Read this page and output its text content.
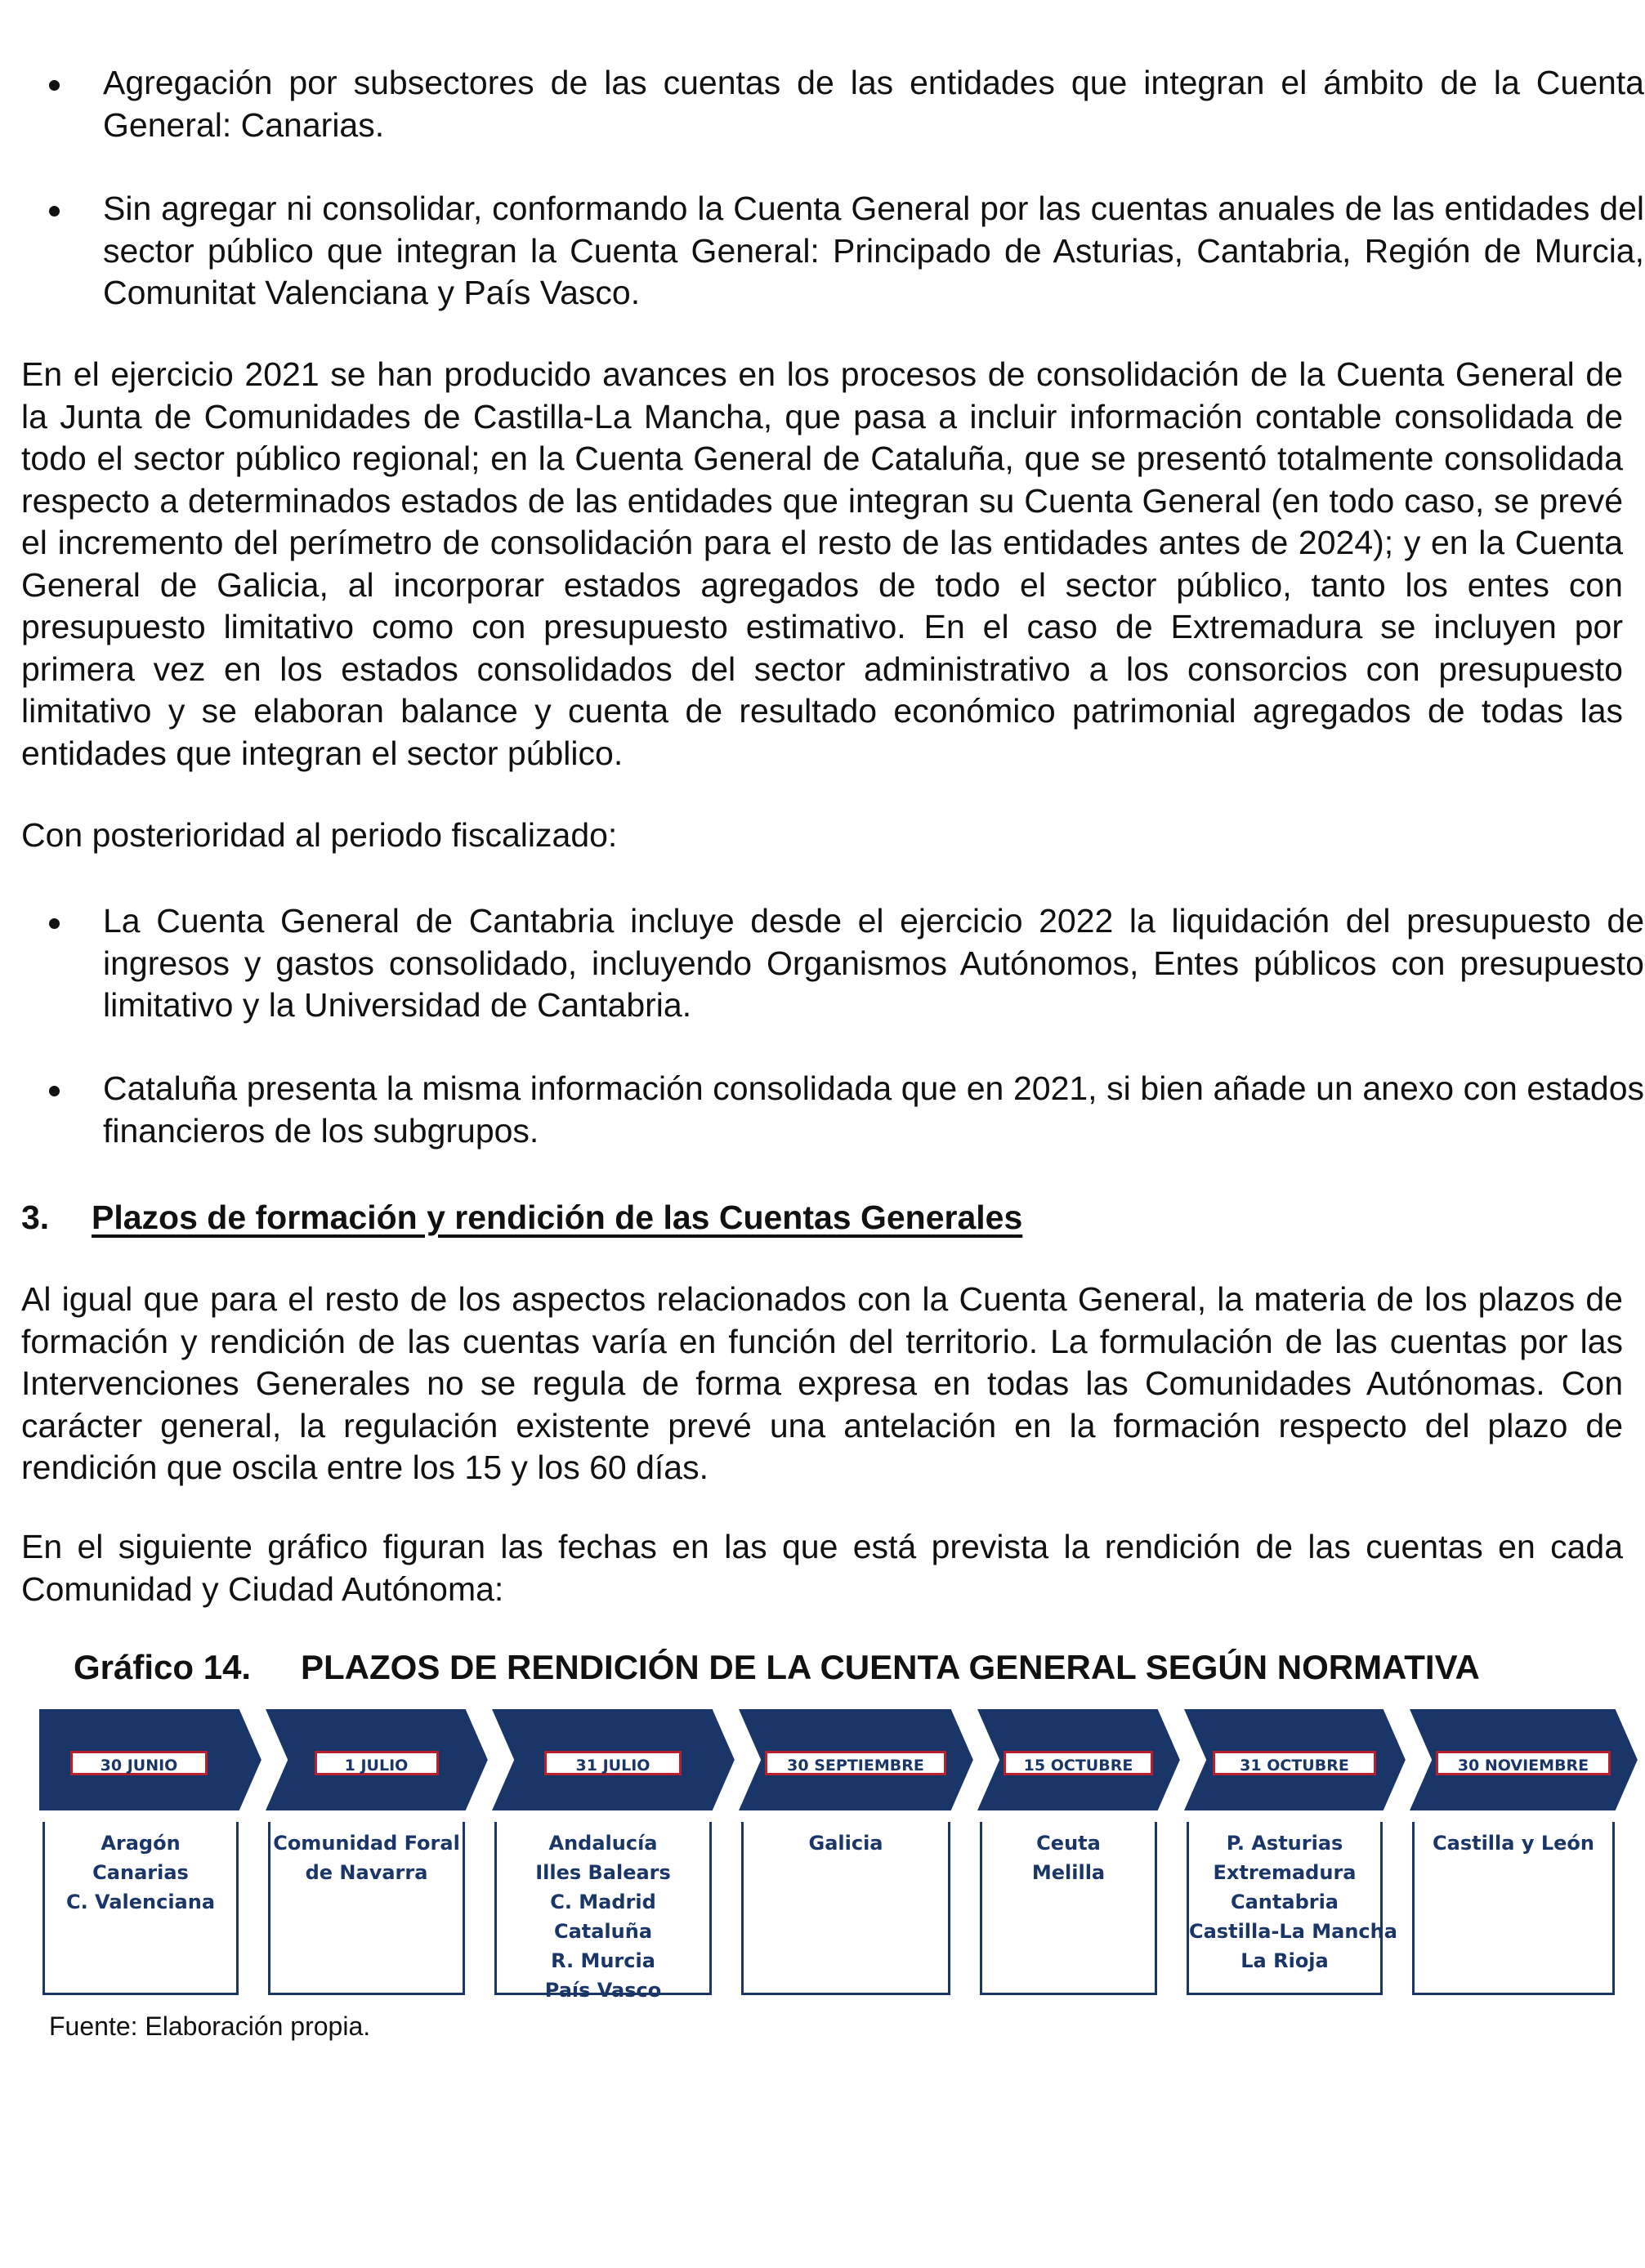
Agregación por subsectores de las cuentas de las entidades que integran el ámbito de la Cuenta General: Canarias.
Sin agregar ni consolidar, conformando la Cuenta General por las cuentas anuales de las entidades del sector público que integran la Cuenta General: Principado de Asturias, Cantabria, Región de Murcia, Comunitat Valenciana y País Vasco.

En el ejercicio 2021 se han producido avances en los procesos de consolidación de la Cuenta General de la Junta de Comunidades de Castilla-La Mancha, que pasa a incluir información contable consolidada de todo el sector público regional; en la Cuenta General de Cataluña, que se presentó totalmente consolidada respecto a determinados estados de las entidades que integran su Cuenta General (en todo caso, se prevé el incremento del perímetro de consolidación para el resto de las entidades antes de 2024); y en la Cuenta General de Galicia, al incorporar estados agregados de todo el sector público, tanto los entes con presupuesto limitativo como con presupuesto estimativo. En el caso de Extremadura se incluyen por primera vez en los estados consolidados del sector administrativo a los consorcios con presupuesto limitativo y se elaboran balance y cuenta de resultado económico patrimonial agregados de todas las entidades que integran el sector público.

Con posterioridad al periodo fiscalizado:

La Cuenta General de Cantabria incluye desde el ejercicio 2022 la liquidación del presupuesto de ingresos y gastos consolidado, incluyendo Organismos Autónomos, Entes públicos con presupuesto limitativo y la Universidad de Cantabria.
Cataluña presenta la misma información consolidada que en 2021, si bien añade un anexo con estados financieros de los subgrupos.
3. Plazos de formación y rendición de las Cuentas Generales

Al igual que para el resto de los aspectos relacionados con la Cuenta General, la materia de los plazos de formación y rendición de las cuentas varía en función del territorio. La formulación de las cuentas por las Intervenciones Generales no se regula de forma expresa en todas las Comunidades Autónomas. Con carácter general, la regulación existente prevé una antelación en la formación respecto del plazo de rendición que oscila entre los 15 y los 60 días.

En el siguiente gráfico figuran las fechas en las que está prevista la rendición de las cuentas en cada Comunidad y Ciudad Autónoma:

Gráfico 14. PLAZOS DE RENDICIÓN DE LA CUENTA GENERAL SEGÚN NORMATIVA
30 JUNIO
Aragón
Canarias
C. Valenciana
1 JULIO
Comunidad Foral
de Navarra
31 JULIO
Andalucía
Illes Balears
C. Madrid
Cataluña
R. Murcia
País Vasco
30 SEPTIEMBRE
Galicia
15 OCTUBRE
Ceuta
Melilla
31 OCTUBRE
P. Asturias
Extremadura
Cantabria
Castilla-La Mancha
La Rioja
30 NOVIEMBRE
Castilla y León

Fuente: Elaboración propia.
